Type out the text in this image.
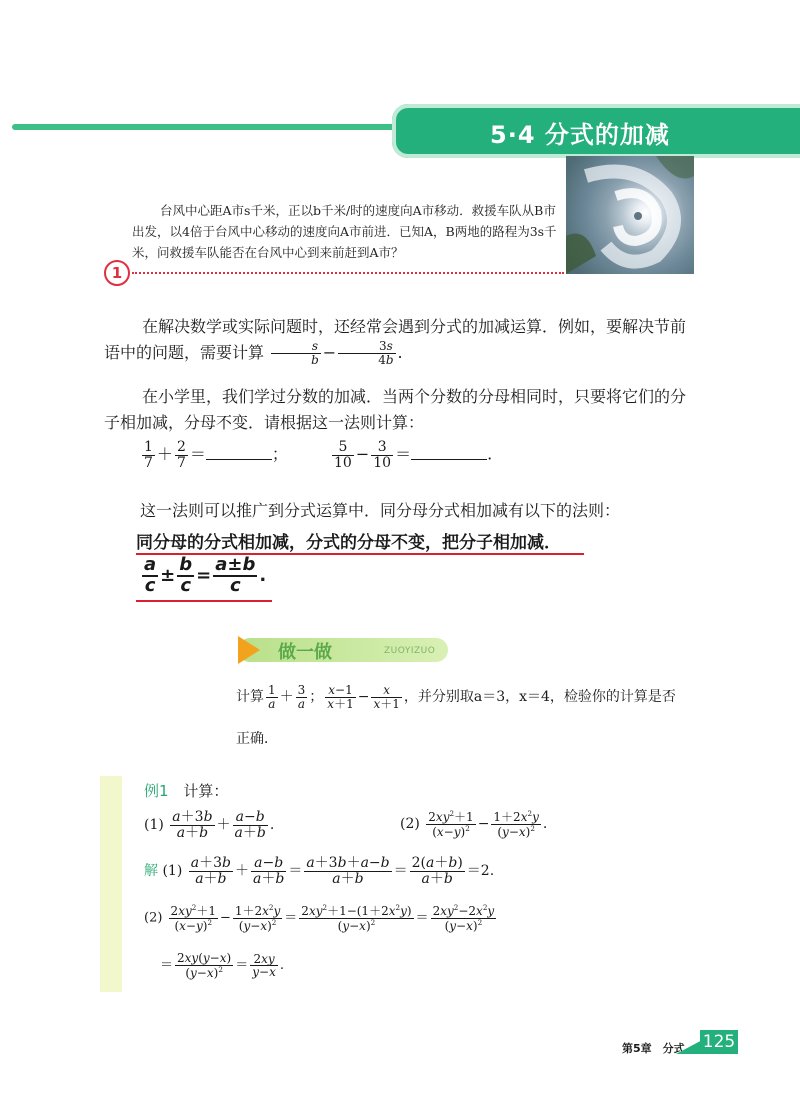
5·4 分式的加减
台风中心距A市s千米，正以b千米/时的速度向A市移动．救援车队从B市出发，以4倍于台风中心移动的速度向A市前进．已知A，B两地的路程为3s千米，问救援车队能否在台风中心到来前赶到A市？
1
在解决数学或实际问题时，还经常会遇到分式的加减运算．例如，要解决节前语中的问题，需要计算 $\frac{s}{b} - \frac{3s}{4b}$ .
在小学里，我们学过分数的加减．当两个分数的分母相同时，只要将它们的分子相加减，分母不变．请根据这一法则计算：
$\frac{1}{7} + \frac{2}{7}$ ＝	；	$\frac{5}{10} - \frac{3}{10}$ ＝	.
这一法则可以推广到分式运算中．同分母分式相加减有以下的法则：
同分母的分式相加减，分式的分母不变，把分子相加减．
$\frac{a}{c} \pm \frac{b}{c} = \frac{a\pm b}{c}$ .
做一做	ZUOYIZUO
计算 $\frac{1}{a} + \frac{3}{a}$ ； $\frac{x-1}{x+1} - \frac{x}{x+1}$ ，并分别取a＝3，x＝4，检验你的计算是否
正确．
例1 计算：
$(1) \frac{a+3b}{a+b} + \frac{a-b}{a+b}$ .	$(2) \frac{2xy^2+1}{(x-y)^2} - \frac{1+2x^2y}{(y-x)^2}$ .
解 $(1) \frac{a+3b}{a+b} + \frac{a-b}{a+b} = \frac{a+3b+a-b}{a+b} = \frac{2(a+b)}{a+b} =2$.
$(2) \frac{2xy^2+1}{(x-y)^2} - \frac{1+2x^2y}{(y-x)^2} = \frac{2xy^2+1-(1+2x^2y)}{(y-x)^2} = \frac{2xy^2-2x^2y}{(y-x)^2}$
＝ $\frac{2xy(y-x)}{(y-x)^2} = \frac{2xy}{y-x}$ .
第5章　分式 125
